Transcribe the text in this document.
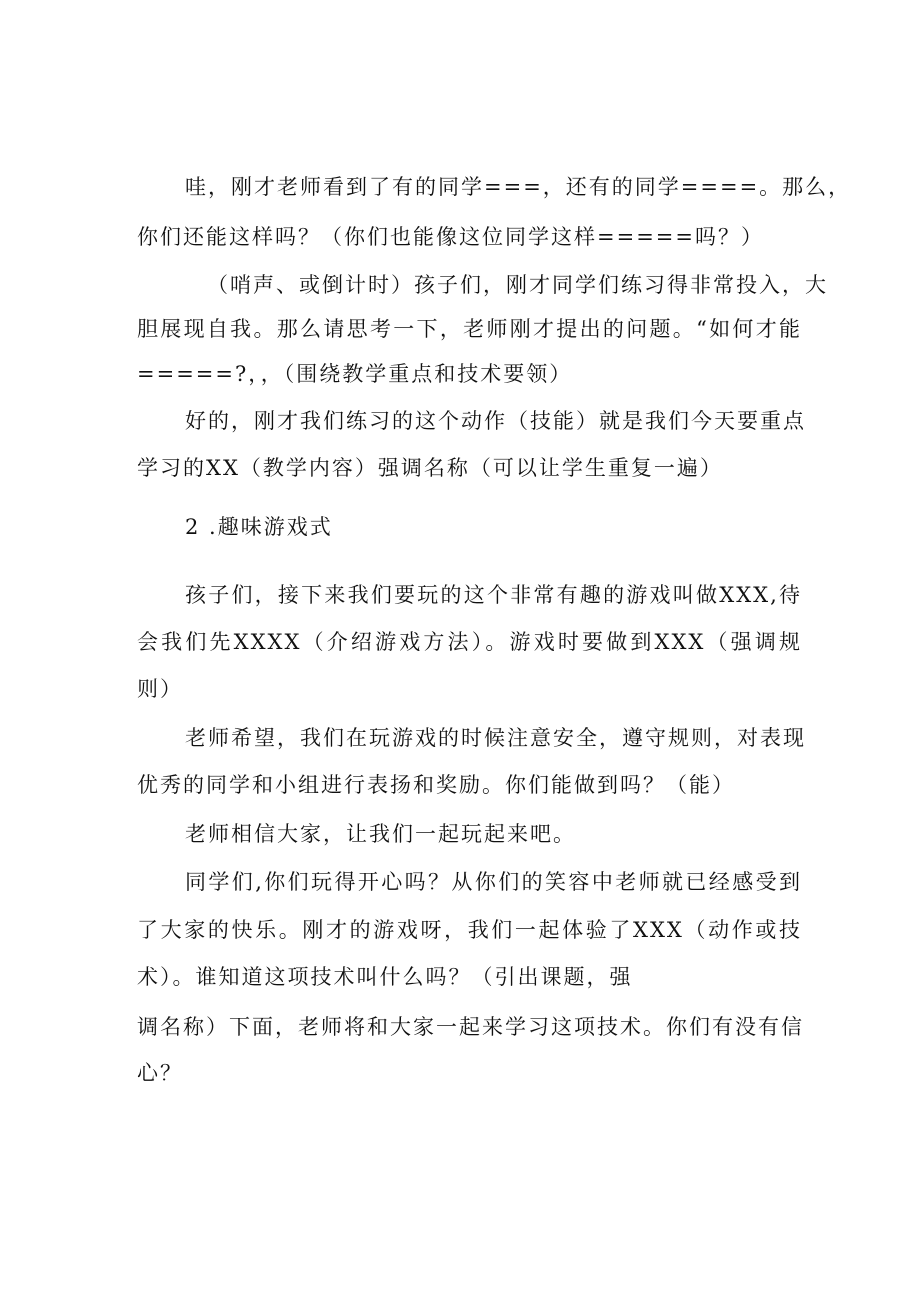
哇，刚才老师看到了有的同学===，还有的同学====。那么，
你们还能这样吗？（你们也能像这位同学这样=====吗？）
（哨声、或倒计时）孩子们，刚才同学们练习得非常投入，大
胆展现自我。那么请思考一下，老师刚才提出的问题。“如何才能
=====?，，（围绕教学重点和技术要领）
好的，刚才我们练习的这个动作（技能）就是我们今天要重点
学习的XX（教学内容）强调名称（可以让学生重复一遍）
2 .趣味游戏式
孩子们，接下来我们要玩的这个非常有趣的游戏叫做XXX,待
会我们先XXXX（介绍游戏方法）。游戏时要做到XXX（强调规
则）
老师希望，我们在玩游戏的时候注意安全，遵守规则，对表现
优秀的同学和小组进行表扬和奖励。你们能做到吗？（能）
老师相信大家，让我们一起玩起来吧。
同学们,你们玩得开心吗？从你们的笑容中老师就已经感受到
了大家的快乐。刚才的游戏呀，我们一起体验了XXX（动作或技
术）。谁知道这项技术叫什么吗？（引出课题，强
调名称）下面，老师将和大家一起来学习这项技术。你们有没有信
心？
